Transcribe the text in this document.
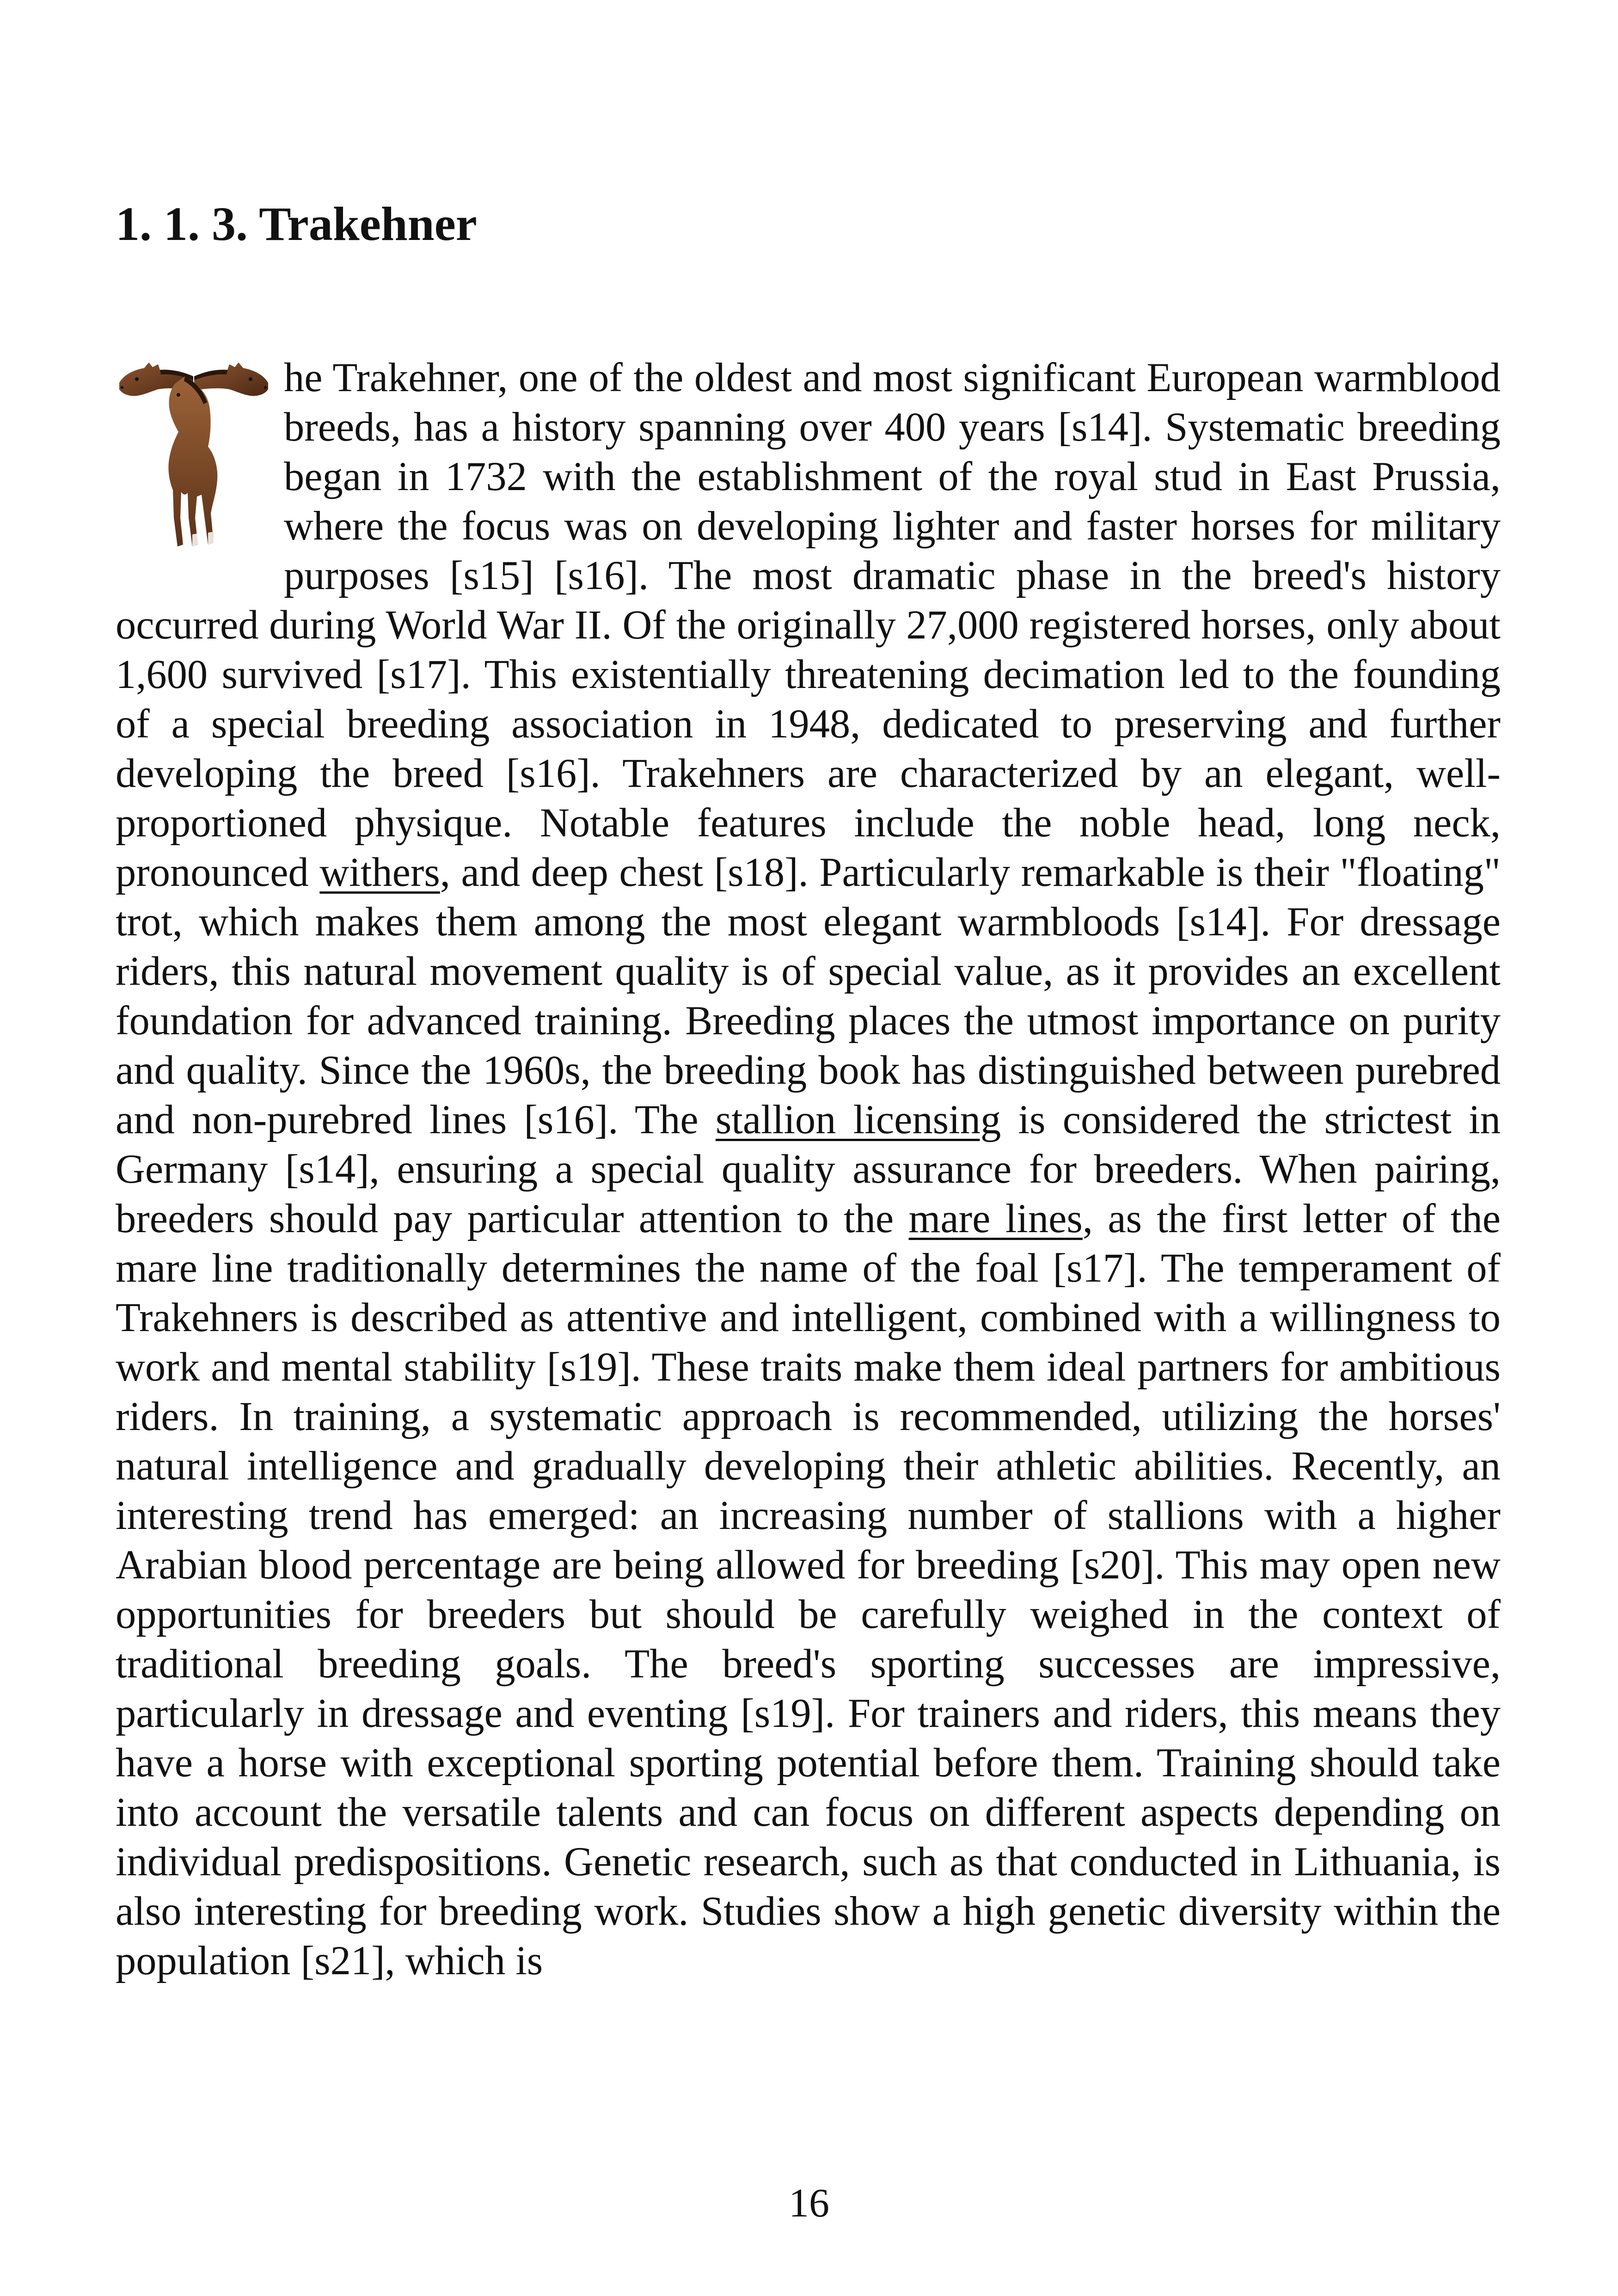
1. 1. 3. Trakehner

he Trakehner, one of the oldest and most significant European warmblood breeds, has a history spanning over 400 years [s14]. Systematic breeding began in 1732 with the establishment of the royal stud in East Prussia, where the focus was on developing lighter and faster horses for military purposes [s15] [s16]. The most dramatic phase in the breed's history occurred during World War II. Of the originally 27,000 registered horses, only about 1,600 survived [s17]. This existentially threatening decimation led to the founding of a special breeding association in 1948, dedicated to preserving and further developing the breed [s16]. Trakehners are characterized by an elegant, well-proportioned physique. Notable features include the noble head, long neck, pronounced withers, and deep chest [s18]. Particularly remarkable is their "floating" trot, which makes them among the most elegant warmbloods [s14]. For dressage riders, this natural movement quality is of special value, as it provides an excellent foundation for advanced training. Breeding places the utmost importance on purity and quality. Since the 1960s, the breeding book has distinguished between purebred and non-purebred lines [s16]. The stallion licensing is considered the strictest in Germany [s14], ensuring a special quality assurance for breeders. When pairing, breeders should pay particular attention to the mare lines, as the first letter of the mare line traditionally determines the name of the foal [s17]. The temperament of Trakehners is described as attentive and intelligent, combined with a willingness to work and mental stability [s19]. These traits make them ideal partners for ambitious riders. In training, a systematic approach is recommended, utilizing the horses' natural intelligence and gradually developing their athletic abilities. Recently, an interesting trend has emerged: an increasing number of stallions with a higher Arabian blood percentage are being allowed for breeding [s20]. This may open new opportunities for breeders but should be carefully weighed in the context of traditional breeding goals. The breed's sporting successes are impressive, particularly in dressage and eventing [s19]. For trainers and riders, this means they have a horse with exceptional sporting potential before them. Training should take into account the versatile talents and can focus on different aspects depending on individual predispositions. Genetic research, such as that conducted in Lithuania, is also interesting for breeding work. Studies show a high genetic diversity within the population [s21], which is

16
